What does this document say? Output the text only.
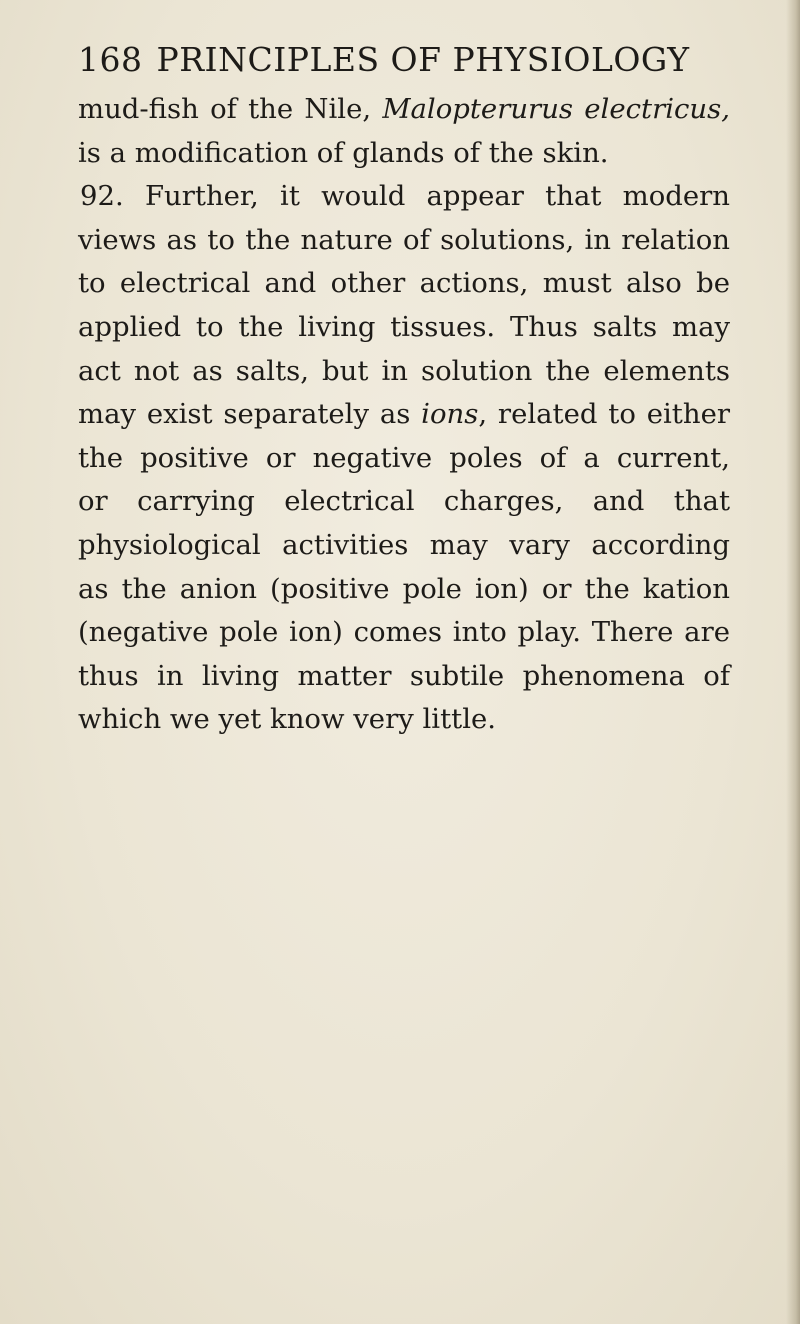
168 PRINCIPLES OF PHYSIOLOGY
mud-fish of the Nile, Malopterurus electricus,
is a modification of glands of the skin.
92. Further, it would appear that modern
views as to the nature of solutions, in relation
to electrical and other actions, must also be
applied to the living tissues. Thus salts may
act not as salts, but in solution the elements
may exist separately as ions, related to either
the positive or negative poles of a current,
or carrying electrical charges, and that
physiological activities may vary according
as the anion (positive pole ion) or the kation
(negative pole ion) comes into play. There are
thus in living matter subtile phenomena of
which we yet know very little.
